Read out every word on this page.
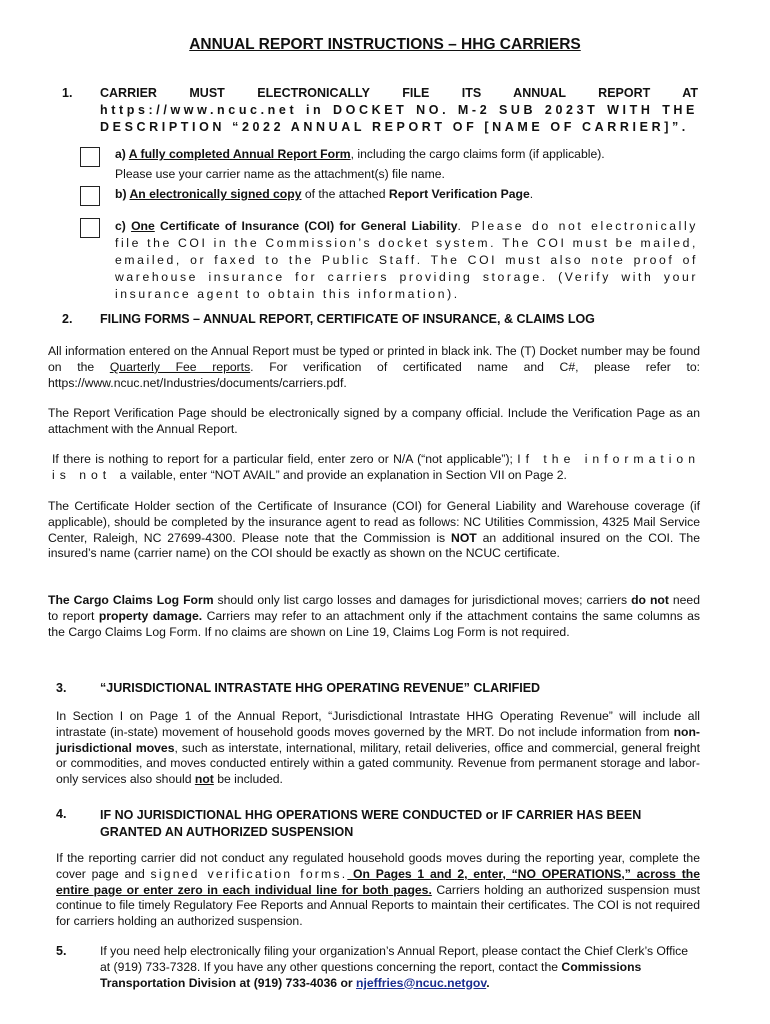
ANNUAL REPORT INSTRUCTIONS – HHG CARRIERS
1. CARRIER MUST ELECTRONICALLY FILE ITS ANNUAL REPORT AT
https://www.ncuc.net in DOCKET NO. M-2 SUB 2023T WITH THE
DESCRIPTION “2022 ANNUAL REPORT OF [NAME OF CARRIER]”.
a) A fully completed Annual Report Form, including the cargo claims form (if applicable).
Please use your carrier name as the attachment(s) file name.
b) An electronically signed copy of the attached Report Verification Page.
c) One Certificate of Insurance (COI) for General Liability. Please do not electronically file the COI in the Commission’s docket system. The COI must be mailed, emailed, or faxed to the Public Staff. The COI must also note proof of warehouse insurance for carriers providing storage. (Verify with your insurance agent to obtain this information).
2. FILING FORMS – ANNUAL REPORT, CERTIFICATE OF INSURANCE, & CLAIMS LOG

All information entered on the Annual Report must be typed or printed in black ink. The (T) Docket number may be found on the Quarterly Fee reports. For verification of certificated name and C#, please refer to: https://www.ncuc.net/Industries/documents/carriers.pdf.

The Report Verification Page should be electronically signed by a company official. Include the Verification Page as an attachment with the Annual Report.

If there is nothing to report for a particular field, enter zero or N/A (“not applicable”); If the information is not available, enter “NOT AVAIL” and provide an explanation in Section VII on Page 2.

The Certificate Holder section of the Certificate of Insurance (COI) for General Liability and Warehouse coverage (if applicable), should be completed by the insurance agent to read as follows: NC Utilities Commission, 4325 Mail Service Center, Raleigh, NC 27699-4300. Please note that the Commission is NOT an additional insured on the COI. The insured’s name (carrier name) on the COI should be exactly as shown on the NCUC certificate.

The Cargo Claims Log Form should only list cargo losses and damages for jurisdictional moves; carriers do not need to report property damage. Carriers may refer to an attachment only if the attachment contains the same columns as the Cargo Claims Log Form. If no claims are shown on Line 19, Claims Log Form is not required.

3.	“JURISDICTIONAL INTRASTATE HHG OPERATING REVENUE” CLARIFIED

In Section I on Page 1 of the Annual Report, “Jurisdictional Intrastate HHG Operating Revenue” will include all intrastate (in-state) movement of household goods moves governed by the MRT. Do not include information from non-jurisdictional moves, such as interstate, international, military, retail deliveries, office and commercial, general freight or commodities, and moves conducted entirely within a gated community. Revenue from permanent storage and labor-only services also should not be included.

4.	IF NO JURISDICTIONAL HHG OPERATIONS WERE CONDUCTED or IF CARRIER HAS BEEN GRANTED AN AUTHORIZED SUSPENSION

If the reporting carrier did not conduct any regulated household goods moves during the reporting year, complete the cover page and signed verification forms. On Pages 1 and 2, enter, “NO OPERATIONS,” across the entire page or enter zero in each individual line for both pages. Carriers holding an authorized suspension must continue to file timely Regulatory Fee Reports and Annual Reports to maintain their certificates. The COI is not required for carriers holding an authorized suspension.

5.	If you need help electronically filing your organization’s Annual Report, please contact the Chief Clerk’s Office at (919) 733-7328. If you have any other questions concerning the report, contact the Commissions Transportation Division at (919) 733-4036 or njeffries@ncuc.netgov.
